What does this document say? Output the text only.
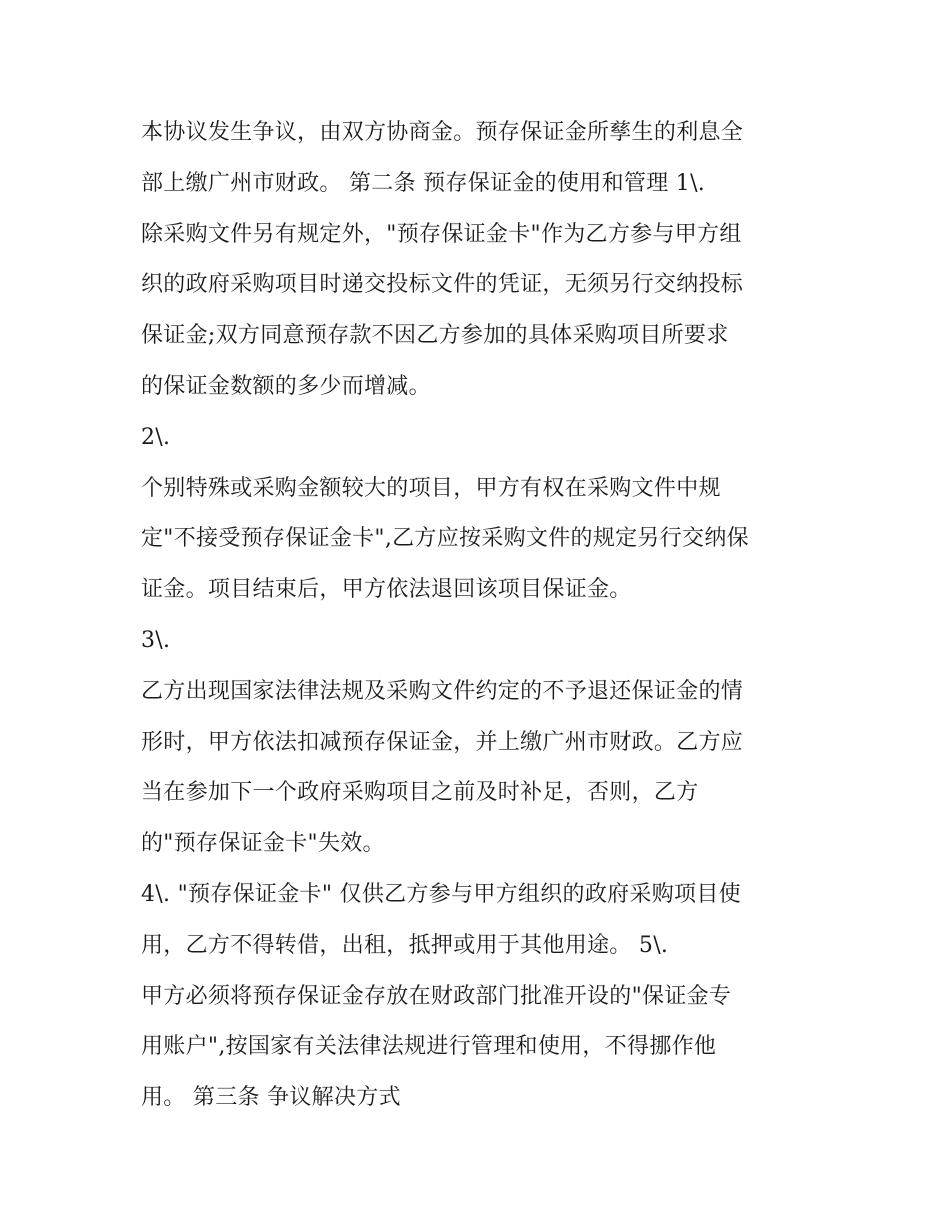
本协议发生争议，由双方协商金。预存保证金所孳生的利息全
部上缴广州市财政。 第二条 预存保证金的使用和管理 1\.
除采购文件另有规定外，"预存保证金卡"作为乙方参与甲方组
织的政府采购项目时递交投标文件的凭证，无须另行交纳投标
保证金;双方同意预存款不因乙方参加的具体采购项目所要求
的保证金数额的多少而增减。
2\.
个别特殊或采购金额较大的项目，甲方有权在采购文件中规
定"不接受预存保证金卡",乙方应按采购文件的规定另行交纳保
证金。项目结束后，甲方依法退回该项目保证金。
3\.
乙方出现国家法律法规及采购文件约定的不予退还保证金的情
形时，甲方依法扣减预存保证金，并上缴广州市财政。乙方应
当在参加下一个政府采购项目之前及时补足，否则，乙方
的"预存保证金卡"失效。
4\. "预存保证金卡" 仅供乙方参与甲方组织的政府采购项目使
用，乙方不得转借，出租，抵押或用于其他用途。 5\.
甲方必须将预存保证金存放在财政部门批准开设的"保证金专
用账户",按国家有关法律法规进行管理和使用，不得挪作他
用。 第三条 争议解决方式
